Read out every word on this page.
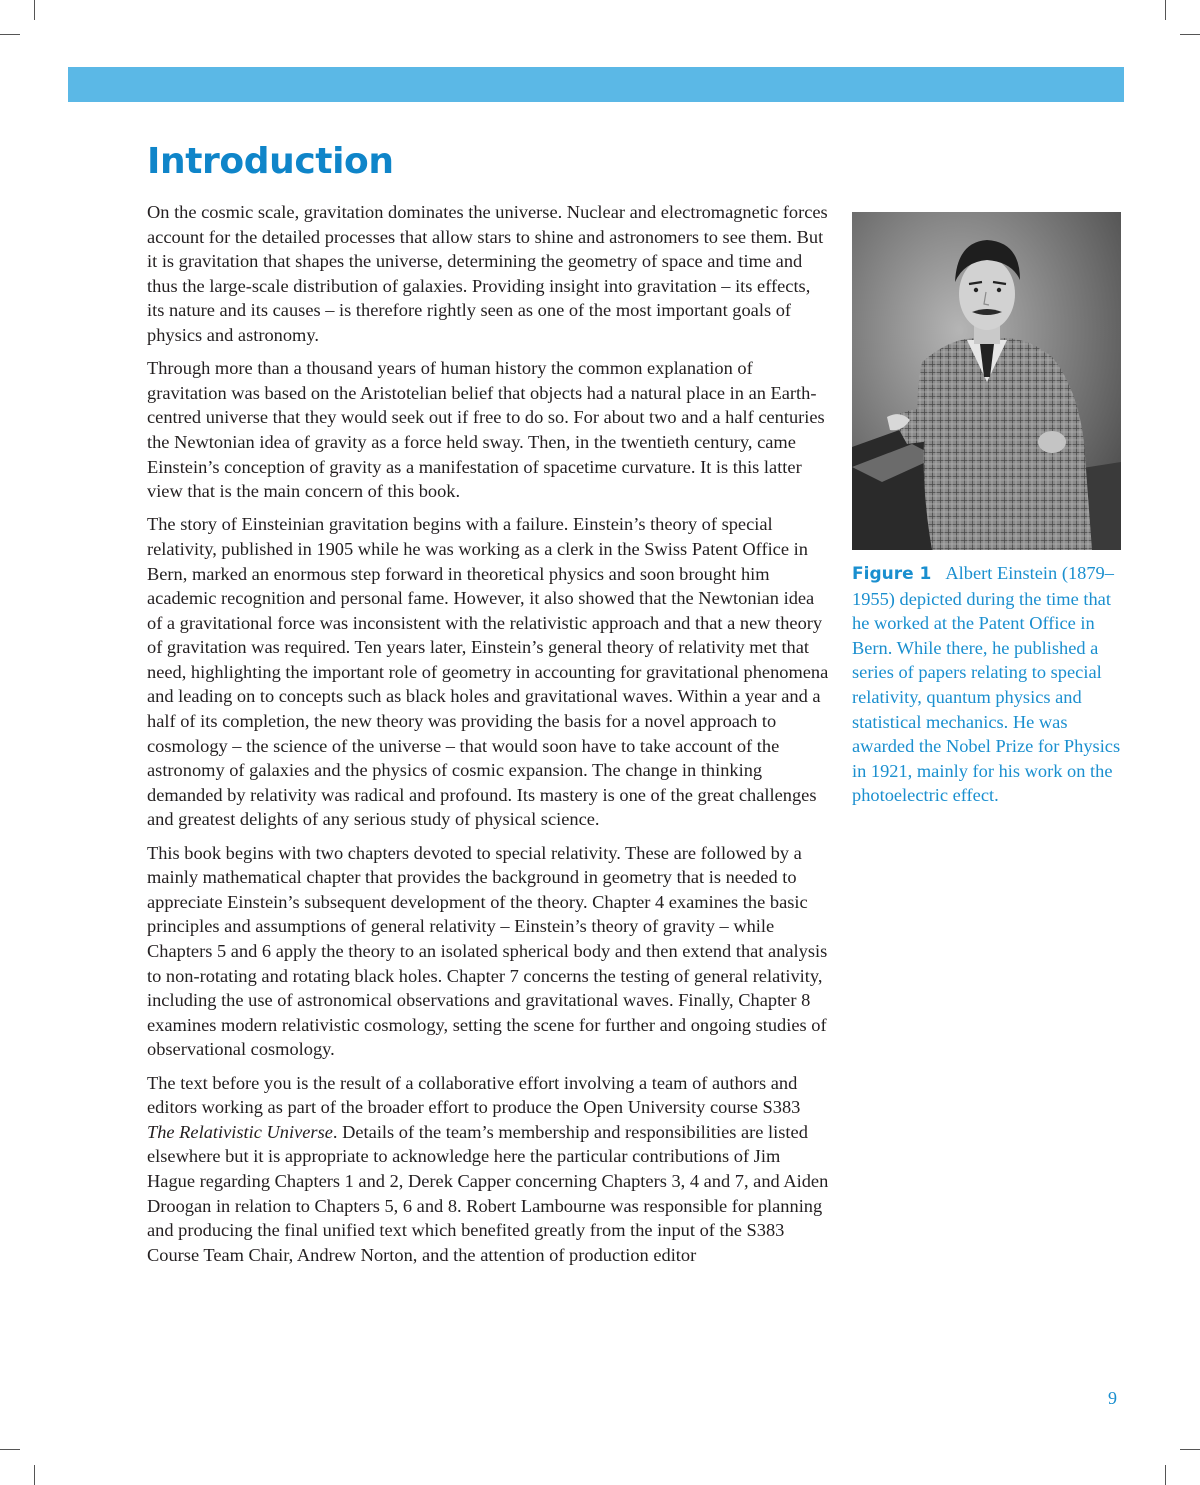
Introduction

On the cosmic scale, gravitation dominates the universe. Nuclear and electromagnetic forces account for the detailed processes that allow stars to shine and astronomers to see them. But it is gravitation that shapes the universe, determining the geometry of space and time and thus the large-scale distribution of galaxies. Providing insight into gravitation – its effects, its nature and its causes – is therefore rightly seen as one of the most important goals of physics and astronomy.

Through more than a thousand years of human history the common explanation of gravitation was based on the Aristotelian belief that objects had a natural place in an Earth-centred universe that they would seek out if free to do so. For about two and a half centuries the Newtonian idea of gravity as a force held sway. Then, in the twentieth century, came Einstein’s conception of gravity as a manifestation of spacetime curvature. It is this latter view that is the main concern of this book.

The story of Einsteinian gravitation begins with a failure. Einstein’s theory of special relativity, published in 1905 while he was working as a clerk in the Swiss Patent Office in Bern, marked an enormous step forward in theoretical physics and soon brought him academic recognition and personal fame. However, it also showed that the Newtonian idea of a gravitational force was inconsistent with the relativistic approach and that a new theory of gravitation was required. Ten years later, Einstein’s general theory of relativity met that need, highlighting the important role of geometry in accounting for gravitational phenomena and leading on to concepts such as black holes and gravitational waves. Within a year and a half of its completion, the new theory was providing the basis for a novel approach to cosmology – the science of the universe – that would soon have to take account of the astronomy of galaxies and the physics of cosmic expansion. The change in thinking demanded by relativity was radical and profound. Its mastery is one of the great challenges and greatest delights of any serious study of physical science.

This book begins with two chapters devoted to special relativity. These are followed by a mainly mathematical chapter that provides the background in geometry that is needed to appreciate Einstein’s subsequent development of the theory. Chapter 4 examines the basic principles and assumptions of general relativity – Einstein’s theory of gravity – while Chapters 5 and 6 apply the theory to an isolated spherical body and then extend that analysis to non-rotating and rotating black holes. Chapter 7 concerns the testing of general relativity, including the use of astronomical observations and gravitational waves. Finally, Chapter 8 examines modern relativistic cosmology, setting the scene for further and ongoing studies of observational cosmology.

The text before you is the result of a collaborative effort involving a team of authors and editors working as part of the broader effort to produce the Open University course S383 The Relativistic Universe. Details of the team’s membership and responsibilities are listed elsewhere but it is appropriate to acknowledge here the particular contributions of Jim Hague regarding Chapters 1 and 2, Derek Capper concerning Chapters 3, 4 and 7, and Aiden Droogan in relation to Chapters 5, 6 and 8. Robert Lambourne was responsible for planning and producing the final unified text which benefited greatly from the input of the S383 Course Team Chair, Andrew Norton, and the attention of production editor

Figure 1 Albert Einstein (1879–1955) depicted during the time that he worked at the Patent Office in Bern. While there, he published a series of papers relating to special relativity, quantum physics and statistical mechanics. He was awarded the Nobel Prize for Physics in 1921, mainly for his work on the photoelectric effect.
9
